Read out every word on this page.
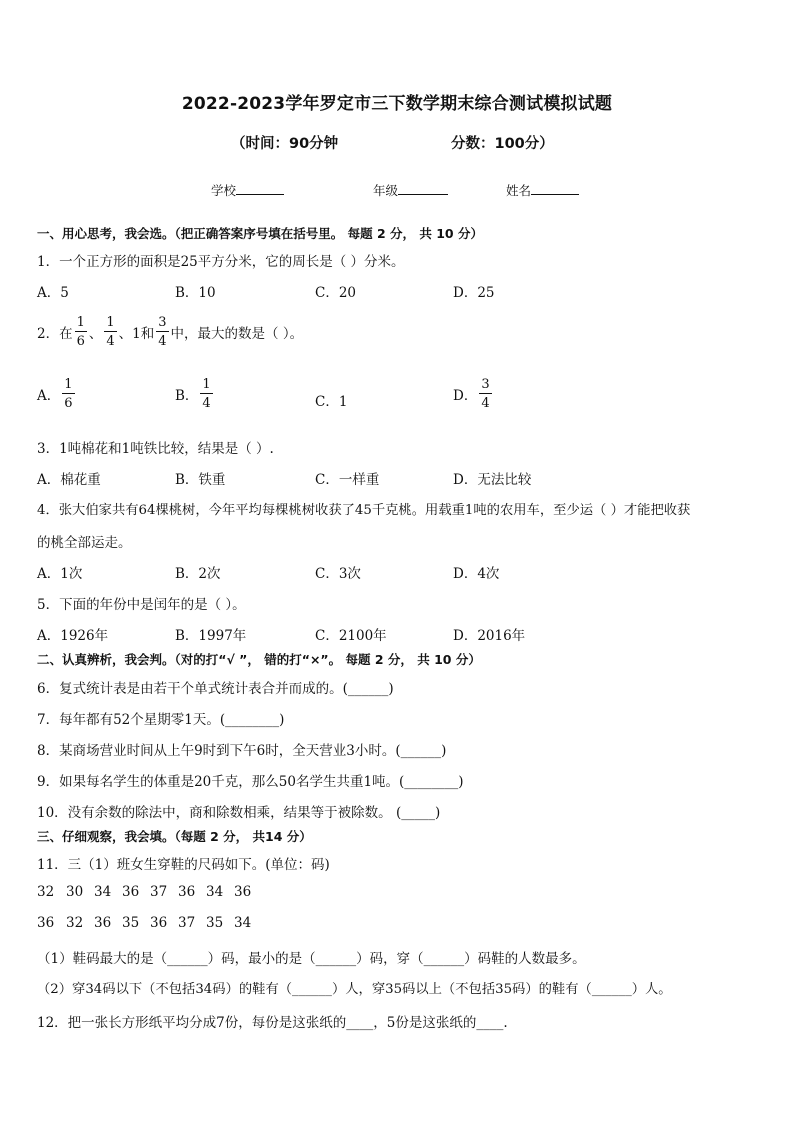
2022-2023学年罗定市三下数学期末综合测试模拟试题
（时间：90分钟	分数：100分）
学校	年级	姓名
一、用心思考，我会选。（把正确答案序号填在括号里。 每题 2 分， 共 10 分）
1．一个正方形的面积是25平方分米，它的周长是（ ）分米。
A．5	B．10	C．20	D．25
2．在 $\frac{1}{6}$ 、 $\frac{1}{4}$ 、1和 $\frac{3}{4}$ 中，最大的数是（ ）。
A． $\frac{1}{6}$	B． $\frac{1}{4}$	C．1	D． $\frac{3}{4}$
3．1吨棉花和1吨铁比较，结果是（ ）.
A．棉花重	B．铁重	C．一样重	D．无法比较
4．张大伯家共有64棵桃树，今年平均每棵桃树收获了45千克桃。用载重1吨的农用车，至少运（ ）才能把收获
的桃全部运走。
A．1次	B．2次	C．3次	D．4次
5．下面的年份中是闰年的是（ ）。
A．1926年	B．1997年	C．2100年	D．2016年
二、认真辨析，我会判。（对的打“√ ”， 错的打“×”。 每题 2 分， 共 10 分）
6．复式统计表是由若干个单式统计表合并而成的。(______)
7．每年都有52个星期零1天。(________)
8．某商场营业时间从上午9时到下午6时，全天营业3小时。(______)
9．如果每名学生的体重是20千克，那么50名学生共重1吨。(________)
10．没有余数的除法中，商和除数相乘，结果等于被除数。 (_____)
三、仔细观察，我会填。（每题 2 分， 共14 分）
11．三（1）班女生穿鞋的尺码如下。(单位：码)
32 30 34 36 37 36 34 36
36 32 36 35 36 37 35 34
（1）鞋码最大的是（______）码，最小的是（______）码，穿（______）码鞋的人数最多。
（2）穿34码以下（不包括34码）的鞋有（______）人，穿35码以上（不包括35码）的鞋有（______）人。
12．把一张长方形纸平均分成7份，每份是这张纸的____，5份是这张纸的____.
